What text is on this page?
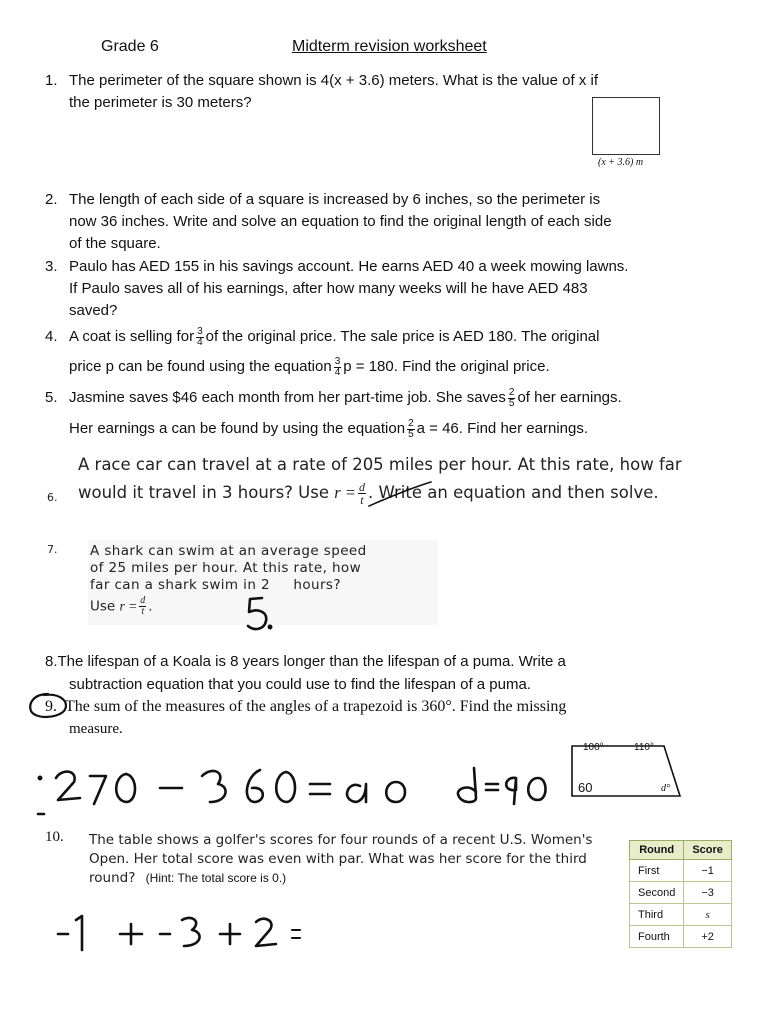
Grade 6	Midterm revision worksheet
1. The perimeter of the square shown is 4(x + 3.6) meters. What is the value of x if
the perimeter is 30 meters?
(x + 3.6) m
2. The length of each side of a square is increased by 6 inches, so the perimeter is
now 36 inches. Write and solve an equation to find the original length of each side
of the square.
3. Paulo has AED 155 in his savings account. He earns AED 40 a week mowing lawns.
If Paulo saves all of his earnings, after how many weeks will he have AED 483
saved?
4. A coat is selling for $\frac{3}{4}$ of the original price. The sale price is AED 180. The original
price p can be found using the equation $\frac{3}{4}$ p = 180. Find the original price.
5. Jasmine saves $46 each month from her part-time job. She saves $\frac{2}{5}$ of her earnings.
Her earnings a can be found by using the equation $\frac{2}{5}$ a = 46. Find her earnings.
6.
A race car can travel at a rate of 205 miles per hour. At this rate, how far
would it travel in 3 hours? Use $r = \frac{d}{t}$ . Write an equation and then solve.
7. A shark can swim at an average speed
of 25 miles per hour. At this rate, how
far can a shark swim in 2     hours?
Use $r = \frac{d}{t}$ .
8.The lifespan of a Koala is 8 years longer than the lifespan of a puma. Write a
subtraction equation that you could use to find the lifespan of a puma.
9. The sum of the measures of the angles of a trapezoid is 360°. Find the missing
measure.
100°	110°
60	d°
10. The table shows a golfer's scores for four rounds of a recent U.S. Women's
Open. Her total score was even with par. What was her score for the third
round? (Hint: The total score is 0.)
Round	Score
First	−1
Second	−3
Third	s
Fourth	+2
